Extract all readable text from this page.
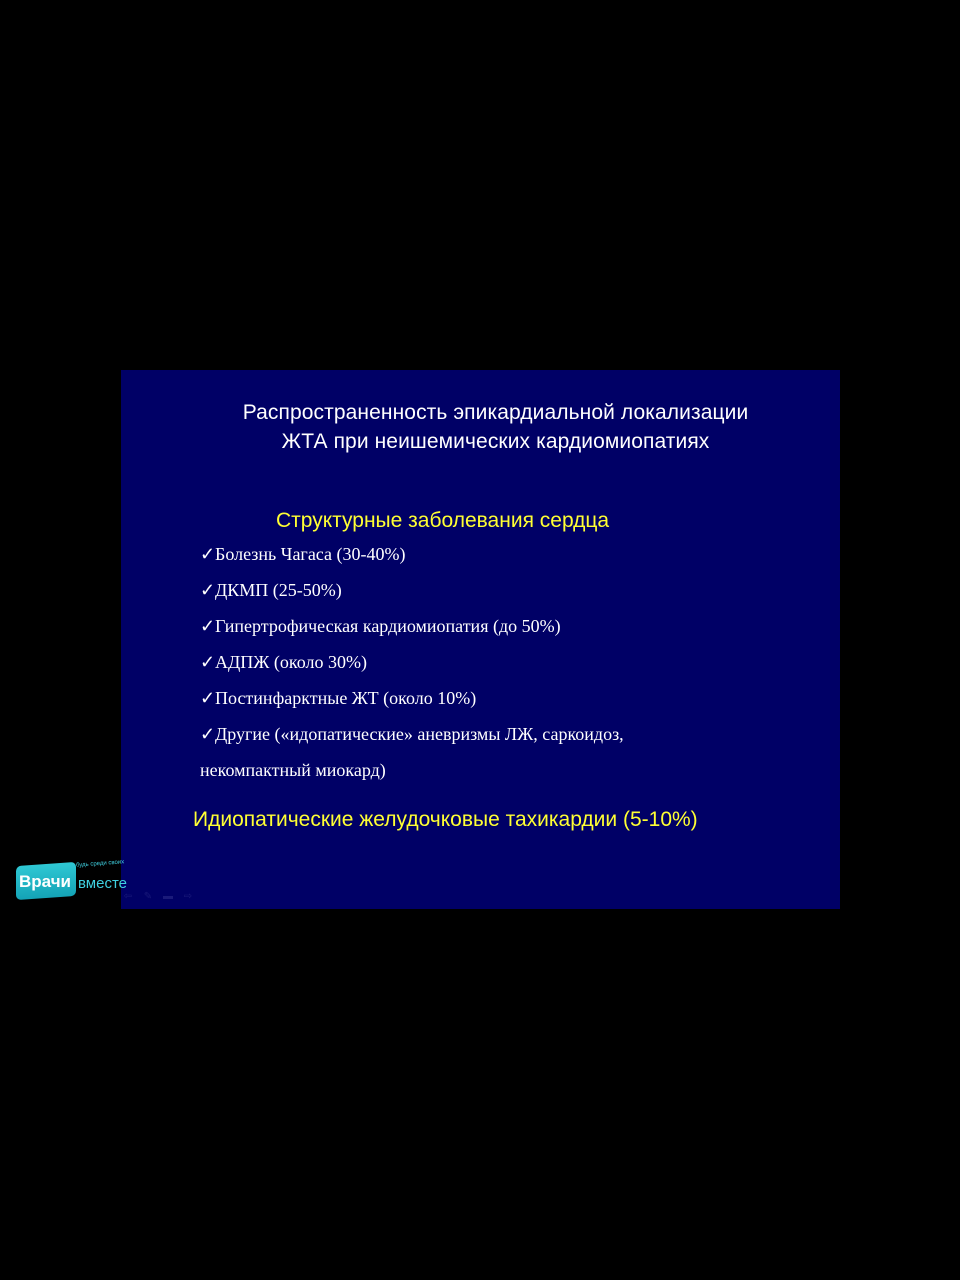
Распространенность эпикардиальной локализации
ЖТА при неишемических кардиомиопатиях
Структурные заболевания сердца
✓Болезнь Чагаса (30-40%)
✓ДКМП (25-50%)
✓Гипертрофическая кардиомиопатия (до 50%)
✓АДПЖ (около 30%)
✓Постинфарктные ЖТ (около 10%)
✓Другие («идопатические» аневризмы ЛЖ, саркоидоз,
некомпактный миокард)
Идиопатические желудочковые тахикардии (5-10%)
⇦ ✎ ▬ ⇨
Врачи
будь среди своих
вместе
